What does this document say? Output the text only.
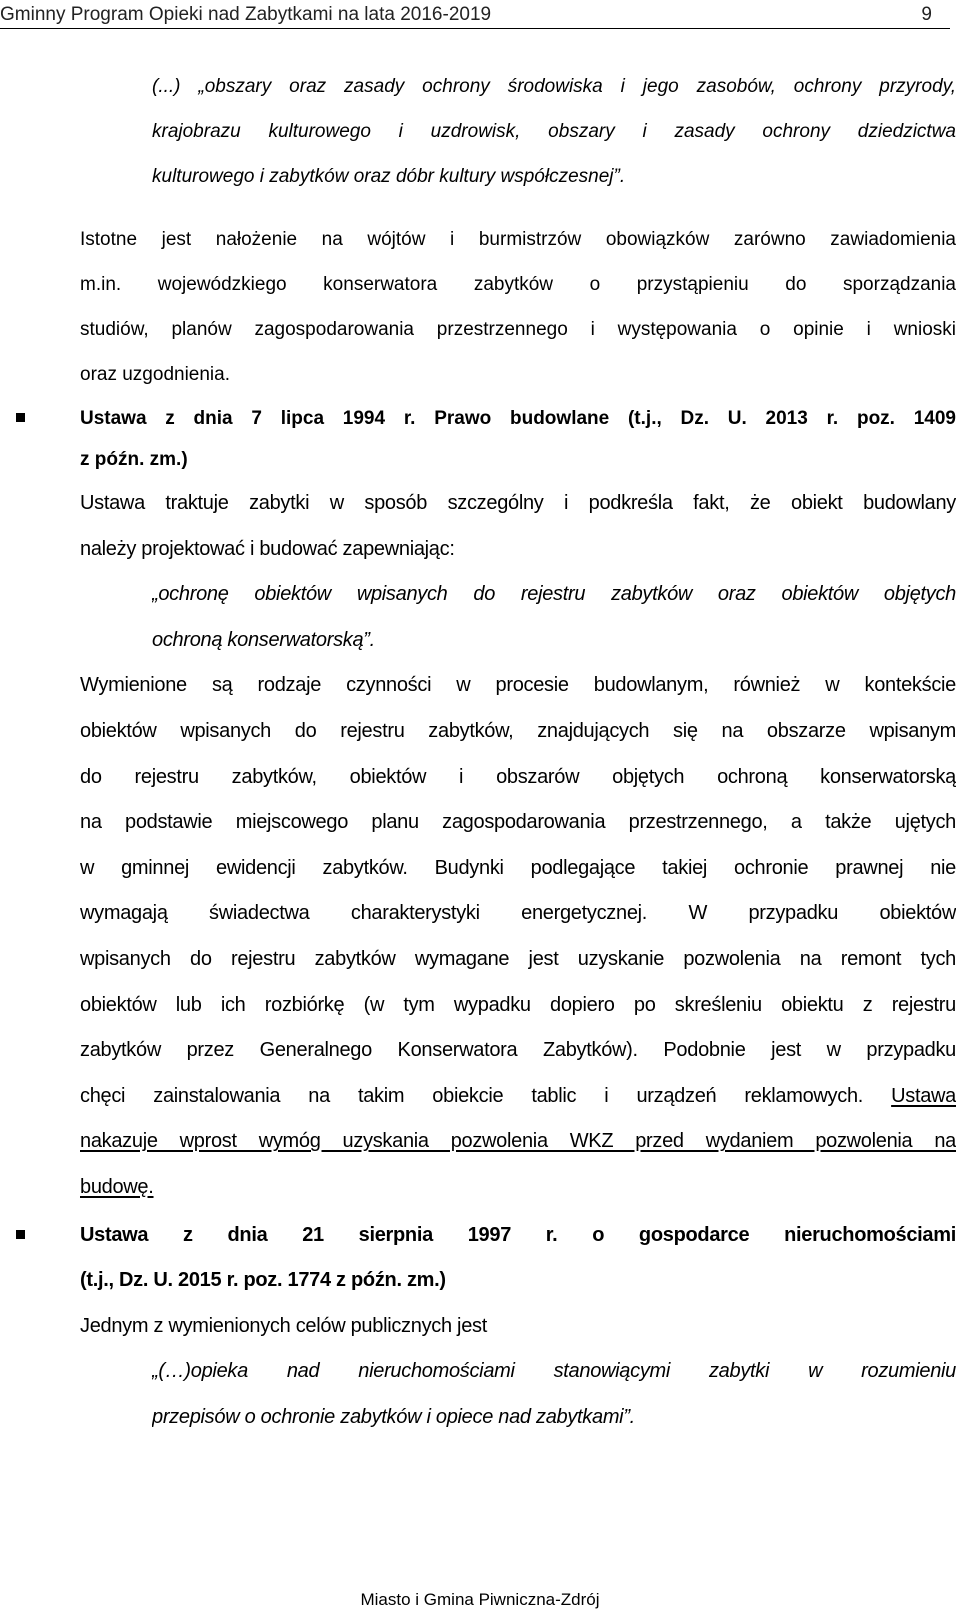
Gminny Program Opieki nad Zabytkami na lata 2016-2019	9
(...) „obszary oraz zasady ochrony środowiska i jego zasobów, ochrony przyrody,
krajobrazu kulturowego i uzdrowisk, obszary i zasady ochrony dziedzictwa
kulturowego i zabytków oraz dóbr kultury współczesnej”.
Istotne jest nałożenie na wójtów i burmistrzów obowiązków zarówno zawiadomienia
m.in. wojewódzkiego konserwatora zabytków o przystąpieniu do sporządzania
studiów, planów zagospodarowania przestrzennego i występowania o opinie i wnioski
oraz uzgodnienia.
Ustawa z dnia 7 lipca 1994 r. Prawo budowlane (t.j., Dz. U. 2013 r. poz. 1409
z późn. zm.)
Ustawa traktuje zabytki w sposób szczególny i podkreśla fakt, że obiekt budowlany
należy projektować i budować zapewniając:
„ochronę obiektów wpisanych do rejestru zabytków oraz obiektów objętych
ochroną konserwatorską”.
Wymienione są rodzaje czynności w procesie budowlanym, również w kontekście
obiektów wpisanych do rejestru zabytków, znajdujących się na obszarze wpisanym
do rejestru zabytków, obiektów i obszarów objętych ochroną konserwatorską
na podstawie miejscowego planu zagospodarowania przestrzennego, a także ujętych
w gminnej ewidencji zabytków. Budynki podlegające takiej ochronie prawnej nie
wymagają świadectwa charakterystyki energetycznej. W przypadku obiektów
wpisanych do rejestru zabytków wymagane jest uzyskanie pozwolenia na remont tych
obiektów lub ich rozbiórkę (w tym wypadku dopiero po skreśleniu obiektu z rejestru
zabytków przez Generalnego Konserwatora Zabytków). Podobnie jest w przypadku
chęci zainstalowania na takim obiekcie tablic i urządzeń reklamowych. Ustawa
nakazuje wprost wymóg uzyskania pozwolenia WKZ przed wydaniem pozwolenia na
budowę.
Ustawa z dnia 21 sierpnia 1997 r. o gospodarce nieruchomościami
(t.j., Dz. U. 2015 r. poz. 1774 z późn. zm.)
Jednym z wymienionych celów publicznych jest
„(…)opieka nad nieruchomościami stanowiącymi zabytki w rozumieniu
przepisów o ochronie zabytków i opiece nad zabytkami”.
Miasto i Gmina Piwniczna-Zdrój
